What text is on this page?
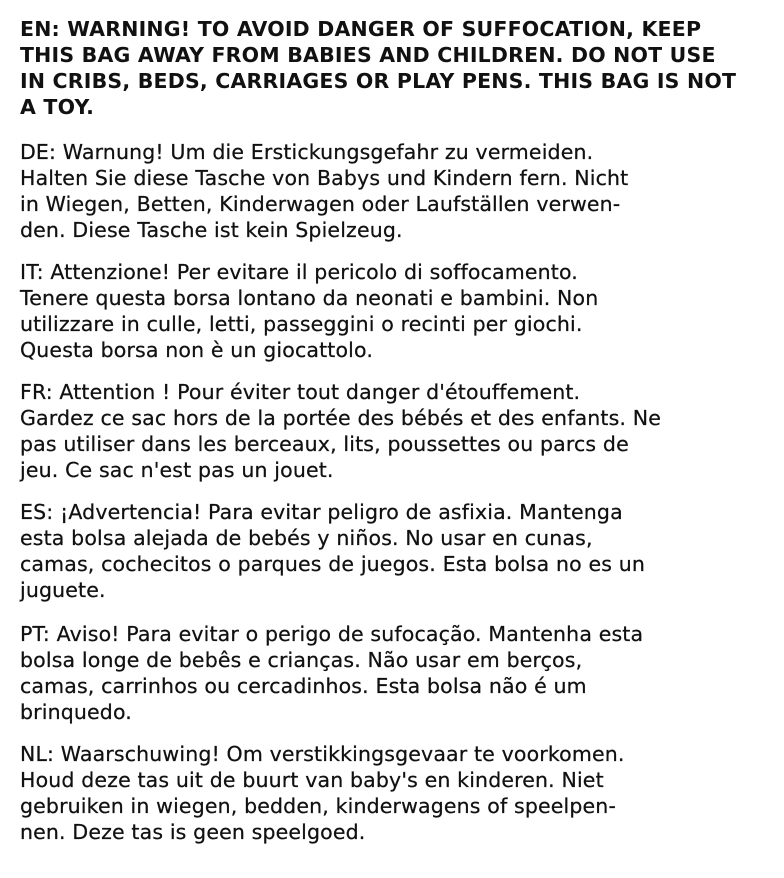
EN: WARNING! TO AVOID DANGER OF SUFFOCATION, KEEP
THIS BAG AWAY FROM BABIES AND CHILDREN. DO NOT USE
IN CRIBS, BEDS, CARRIAGES OR PLAY PENS. THIS BAG IS NOT
A TOY.

DE: Warnung! Um die Erstickungsgefahr zu vermeiden.
Halten Sie diese Tasche von Babys und Kindern fern. Nicht
in Wiegen, Betten, Kinderwagen oder Laufställen verwen-
den. Diese Tasche ist kein Spielzeug.

IT: Attenzione! Per evitare il pericolo di soffocamento.
Tenere questa borsa lontano da neonati e bambini. Non
utilizzare in culle, letti, passeggini o recinti per giochi.
Questa borsa non è un giocattolo.

FR: Attention ! Pour éviter tout danger d'étouffement.
Gardez ce sac hors de la portée des bébés et des enfants. Ne
pas utiliser dans les berceaux, lits, poussettes ou parcs de
jeu. Ce sac n'est pas un jouet.

ES: ¡Advertencia! Para evitar peligro de asfixia. Mantenga
esta bolsa alejada de bebés y niños. No usar en cunas,
camas, cochecitos o parques de juegos. Esta bolsa no es un
juguete.

PT: Aviso! Para evitar o perigo de sufocação. Mantenha esta
bolsa longe de bebês e crianças. Não usar em berços,
camas, carrinhos ou cercadinhos. Esta bolsa não é um
brinquedo.

NL: Waarschuwing! Om verstikkingsgevaar te voorkomen.
Houd deze tas uit de buurt van baby's en kinderen. Niet
gebruiken in wiegen, bedden, kinderwagens of speelpen-
nen. Deze tas is geen speelgoed.
